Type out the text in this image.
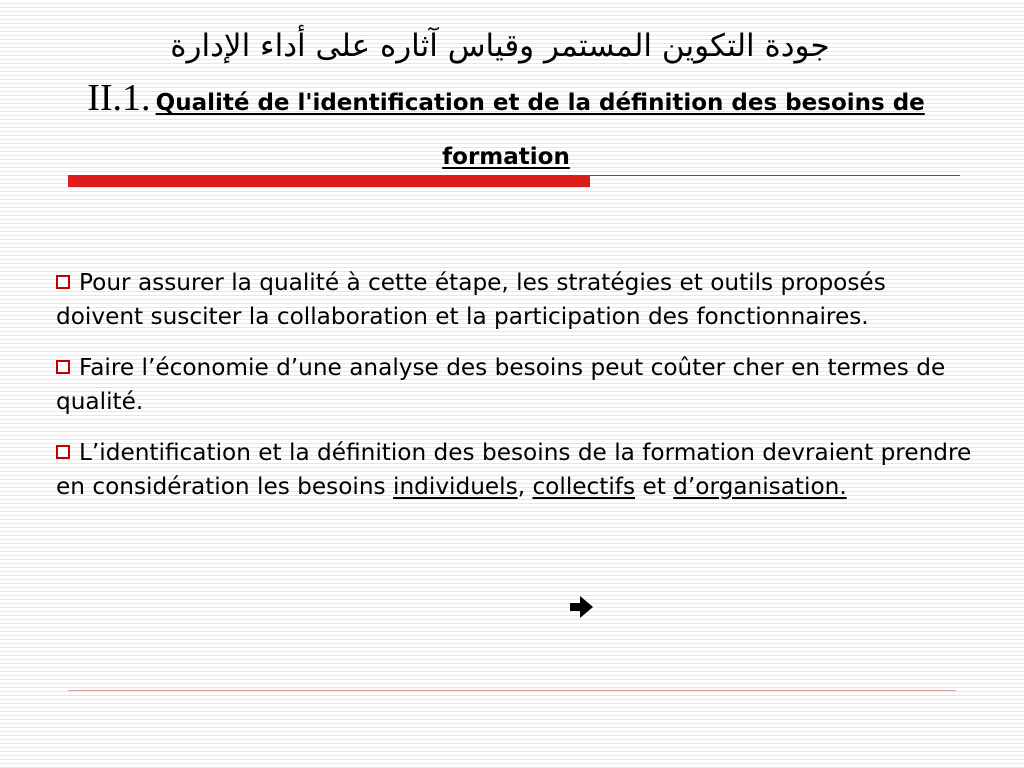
جودة التكوين المستمر وقياس آثاره على أداء الإدارة
II.1. Qualité de l'identification et de la définition des besoins de formation
Pour assurer la qualité à cette étape, les stratégies et outils proposés doivent susciter la collaboration et la participation des fonctionnaires.
Faire l’économie d’une analyse des besoins peut coûter cher en termes de qualité.
L’identification et la définition des besoins de la formation devraient prendre en considération les besoins individuels, collectifs et d’organisation.
